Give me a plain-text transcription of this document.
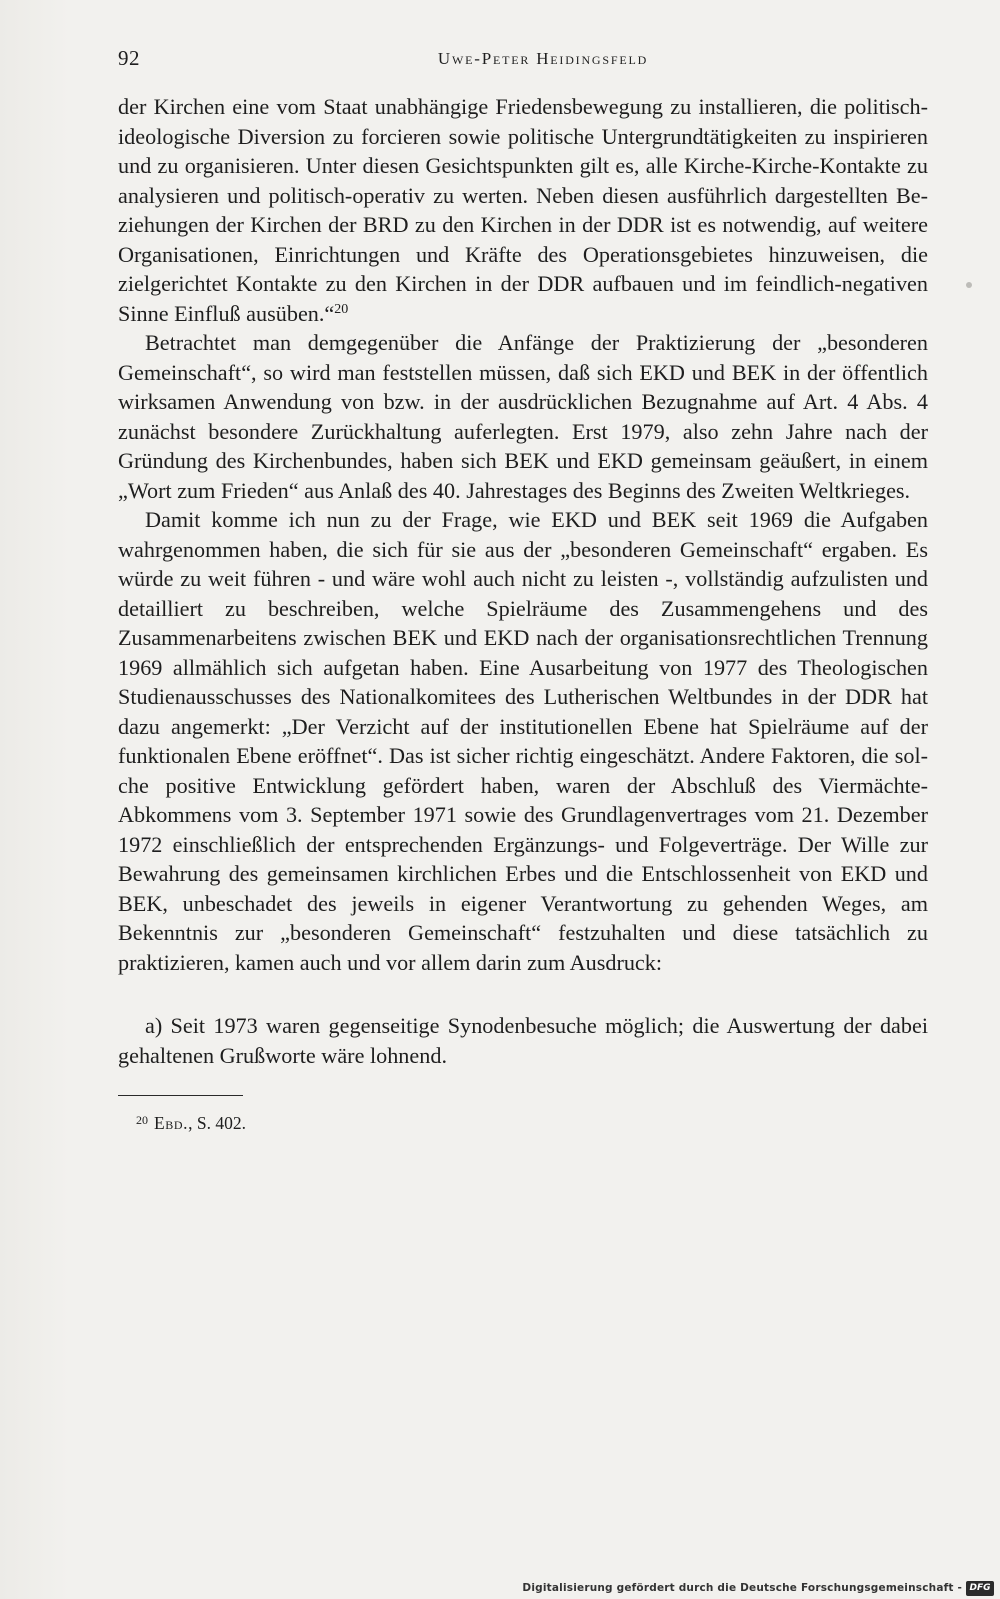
92	Uwe-Peter Heidingsfeld

der Kirchen eine vom Staat unabhängige Friedensbewegung zu installieren, die politisch-ideologische Diversion zu forcieren sowie politische Untergrundtätigkeiten zu inspirieren und zu organisieren. Unter diesen Gesichtspunkten gilt es, alle Kirche-Kirche-Kontakte zu analysieren und politisch-operativ zu werten. Neben diesen ausführlich dargestellten Beziehungen der Kirchen der BRD zu den Kirchen in der DDR ist es notwendig, auf weitere Organisationen, Einrichtungen und Kräfte des Operationsgebietes hinzuweisen, die zielgerichtet Kontakte zu den Kirchen in der DDR aufbauen und im feindlich-negativen Sinne Einfluß ausüben.“$^{20}$

Betrachtet man demgegenüber die Anfänge der Praktizierung der „besonderen Gemeinschaft“, so wird man feststellen müssen, daß sich EKD und BEK in der öffentlich wirksamen Anwendung von bzw. in der ausdrücklichen Bezugnahme auf Art. 4 Abs. 4 zunächst besondere Zurückhaltung auferlegten. Erst 1979, also zehn Jahre nach der Gründung des Kirchenbundes, haben sich BEK und EKD gemeinsam geäußert, in einem „Wort zum Frieden“ aus Anlaß des 40. Jahrestages des Beginns des Zweiten Weltkrieges.

Damit komme ich nun zu der Frage, wie EKD und BEK seit 1969 die Aufgaben wahrgenommen haben, die sich für sie aus der „besonderen Gemeinschaft“ ergaben. Es würde zu weit führen - und wäre wohl auch nicht zu leisten -, vollständig aufzulisten und detailliert zu beschreiben, welche Spielräume des Zusammengehens und des Zusammenarbeitens zwischen BEK und EKD nach der organisationsrechtlichen Trennung 1969 allmählich sich aufgetan haben. Eine Ausarbeitung von 1977 des Theologischen Studienausschusses des Nationalkomitees des Lutherischen Weltbundes in der DDR hat dazu angemerkt: „Der Verzicht auf der institutionellen Ebene hat Spielräume auf der funktionalen Ebene eröffnet“. Das ist sicher richtig eingeschätzt. Andere Faktoren, die solche positive Entwicklung gefördert haben, waren der Abschluß des Viermächte-Abkommens vom 3. September 1971 sowie des Grundlagenvertrages vom 21. Dezember 1972 einschließlich der entsprechenden Ergänzungs- und Folgeverträge. Der Wille zur Bewahrung des gemeinsamen kirchlichen Erbes und die Entschlossenheit von EKD und BEK, unbeschadet des jeweils in eigener Verantwortung zu gehenden Weges, am Bekenntnis zur „besonderen Gemeinschaft“ festzuhalten und diese tatsächlich zu praktizieren, kamen auch und vor allem darin zum Ausdruck:

a) Seit 1973 waren gegenseitige Synodenbesuche möglich; die Auswertung der dabei gehaltenen Grußworte wäre lohnend.

$^{20}$ Ebd., S. 402.
Digitalisierung gefördert durch die Deutsche Forschungsgemeinschaft - DFG
